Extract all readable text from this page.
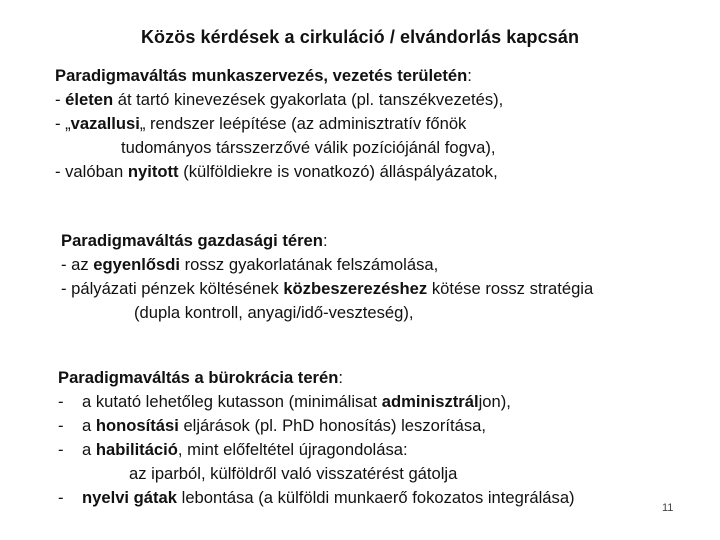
Közös kérdések a cirkuláció / elvándorlás kapcsán
Paradigmaváltás munkaszervezés, vezetés területén:
- életen át tartó kinevezések gyakorlata (pl. tanszékvezetés),
- „vazallusi„ rendszer leépítése (az adminisztratív főnök
tudományos társszerzővé válik pozíciójánál fogva),
- valóban nyitott (külföldiekre is vonatkozó) álláspályázatok,
Paradigmaváltás gazdasági téren:
- az egyenlősdi rossz gyakorlatának felszámolása,
- pályázati pénzek költésének közbeszerezéshez kötése rossz stratégia
(dupla kontroll, anyagi/idő-veszteség),
Paradigmaváltás a bürokrácia terén:
- a kutató lehetőleg kutasson (minimálisat adminisztráljon),
- a honosítási eljárások (pl. PhD honosítás) leszorítása,
- a habilitáció, mint előfeltétel újragondolása:
az iparból, külföldről való visszatérést gátolja
- nyelvi gátak lebontása (a külföldi munkaerő fokozatos integrálása)
11
